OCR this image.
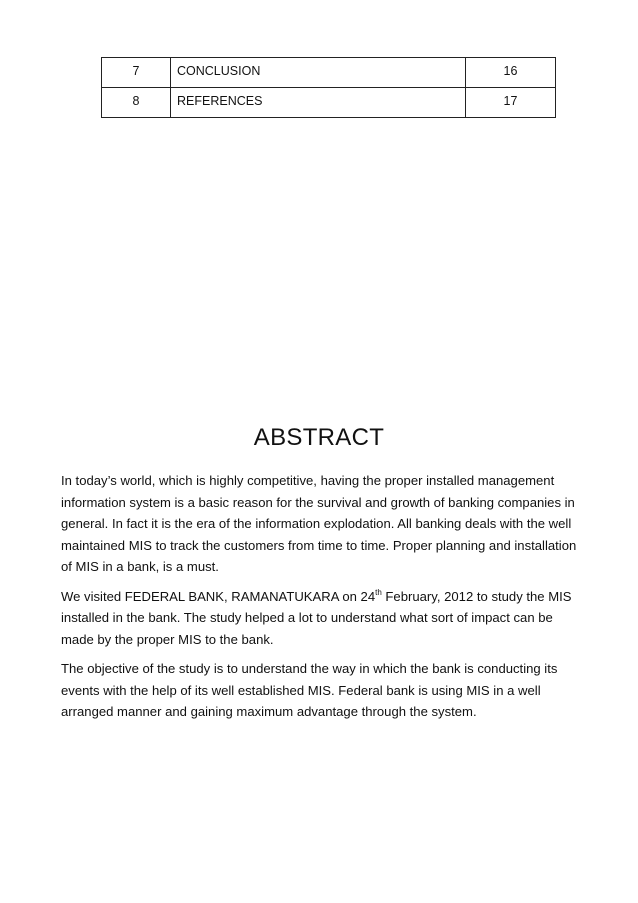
7	CONCLUSION	16
8	REFERENCES	17
ABSTRACT

In today’s world, which is highly competitive, having the proper installed management information system is a basic reason for the survival and growth of banking companies in general. In fact it is the era of the information explodation. All banking deals with the well maintained MIS to track the customers from time to time. Proper planning and installation of MIS in a bank, is a must.

We visited FEDERAL BANK, RAMANATUKARA on 24th February, 2012 to study the MIS installed in the bank. The study helped a lot to understand what sort of impact can be made by the proper MIS to the bank.

The objective of the study is to understand the way in which the bank is conducting its events with the help of its well established MIS. Federal bank is using MIS in a well arranged manner and gaining maximum advantage through the system.
